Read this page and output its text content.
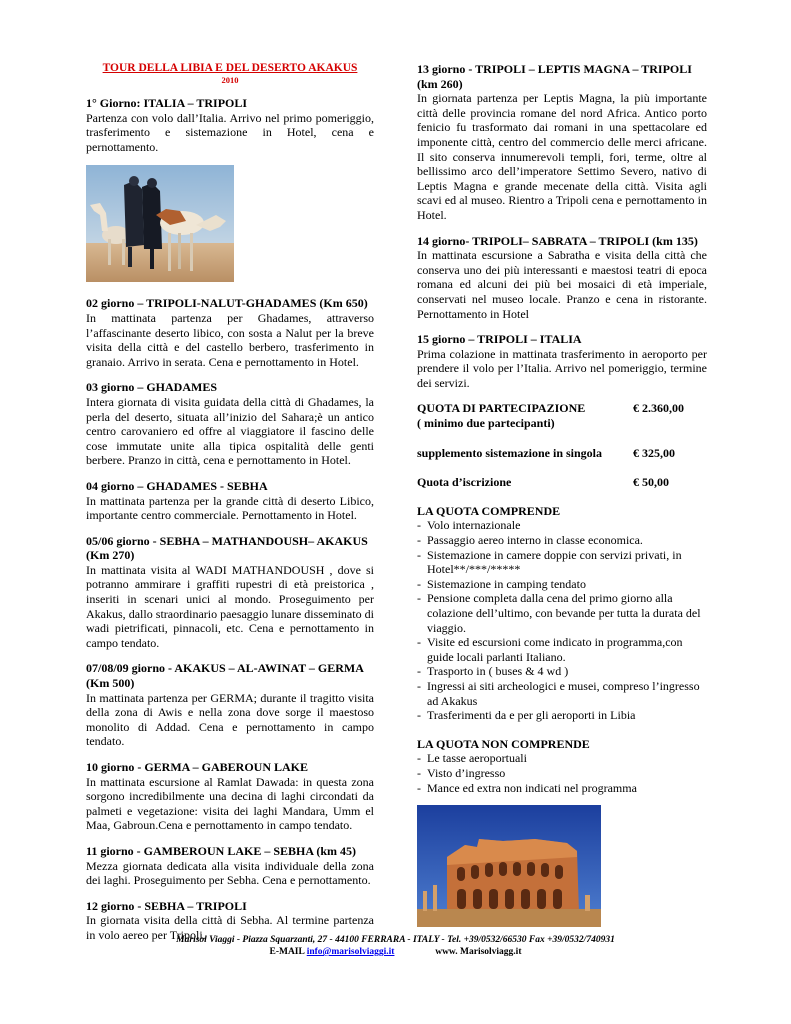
TOUR DELLA LIBIA E DEL DESERTO AKAKUS
2010
1° Giorno: ITALIA – TRIPOLI
Partenza con volo dall’Italia. Arrivo nel primo pomeriggio, trasferimento e sistemazione in Hotel, cena e pernottamento.
02 giorno – TRIPOLI-NALUT-GHADAMES (Km 650)
In mattinata partenza per Ghadames, attraverso l’affascinante deserto libico, con sosta a Nalut per la breve visita della città e del castello berbero, trasferimento in granaio. Arrivo in serata. Cena e pernottamento in Hotel.
03 giorno – GHADAMES
Intera giornata di visita guidata della città di Ghadames, la perla del deserto, situata all’inizio del Sahara;è un antico centro carovaniero ed offre al viaggiatore il fascino delle cose immutate unite alla tipica ospitalità delle genti berbere. Pranzo in città, cena e pernottamento in Hotel.
04 giorno – GHADAMES - SEBHA
In mattinata partenza per la grande città di deserto Libico, importante centro commerciale. Pernottamento in Hotel.
05/06 giorno - SEBHA – MATHANDOUSH– AKAKUS (Km 270)
In mattinata visita al WADI MATHANDOUSH , dove si potranno ammirare i graffiti rupestri di età preistorica , inseriti in scenari unici al mondo. Proseguimento per Akakus, dallo straordinario paesaggio lunare disseminato di wadi pietrificati, pinnacoli, etc. Cena e pernottamento in campo tendato.
07/08/09 giorno - AKAKUS – AL-AWINAT – GERMA (Km 500)
In mattinata partenza per GERMA; durante il tragitto visita della zona di Awis e nella zona dove sorge il maestoso monolito di Addad. Cena e pernottamento in campo tendato.
10 giorno - GERMA – GABEROUN LAKE
In mattinata escursione al Ramlat Dawada: in questa zona sorgono incredibilmente una decina di laghi circondati da palmeti e vegetazione: visita dei laghi Mandara, Umm el Maa, Gabroun.Cena e pernottamento in campo tendato.
11 giorno - GAMBEROUN LAKE – SEBHA (km 45)
Mezza giornata dedicata alla visita individuale della zona dei laghi. Proseguimento per Sebha. Cena e pernottamento.
12 giorno - SEBHA – TRIPOLI
In giornata visita della città di Sebha. Al termine partenza in volo aereo per Tripoli.
13 giorno - TRIPOLI – LEPTIS MAGNA – TRIPOLI (km 260)
In giornata partenza per Leptis Magna, la più importante città delle provincia romane del nord Africa. Antico porto fenicio fu trasformato dai romani in una spettacolare ed imponente città, centro del commercio delle merci africane. Il sito conserva innumerevoli templi, fori, terme, oltre al bellissimo arco dell’imperatore Settimo Severo, nativo di Leptis Magna e grande mecenate della città. Visita agli scavi ed al museo. Rientro a Tripoli cena e pernottamento in Hotel.
14 giorno- TRIPOLI– SABRATA – TRIPOLI (km 135)
In mattinata escursione a Sabratha e visita della città che conserva uno dei più interessanti e maestosi teatri di epoca romana ed alcuni dei più bei mosaici di età imperiale, conservati nel museo locale. Pranzo e cena in ristorante. Pernottamento in Hotel
15 giorno – TRIPOLI – ITALIA
Prima colazione in mattinata trasferimento in aeroporto per prendere il volo per l’Italia. Arrivo nel pomeriggio, termine dei servizi.
QUOTA DI PARTECIPAZIONE	€ 2.360,00
( minimo due partecipanti)	

supplemento sistemazione in singola	€ 325,00

Quota d’iscrizione	€ 50,00
LA QUOTA COMPRENDE
- Volo internazionale
- Passaggio aereo interno in classe economica.
- Sistemazione in camere doppie con servizi privati, in Hotel**/***/*****
- Sistemazione in camping tendato
- Pensione completa dalla cena del primo giorno alla colazione dell’ultimo, con bevande per tutta la durata del viaggio.
- Visite ed escursioni come indicato in programma,con guide locali parlanti Italiano.
- Trasporto in ( buses & 4 wd )
- Ingressi ai siti archeologici e musei, compreso l’ingresso ad Akakus
- Trasferimenti da e per gli aeroporti in Libia
LA QUOTA NON COMPRENDE
- Le tasse aeroportuali
- Visto d’ingresso
- Mance ed extra non indicati nel programma
Marisol Viaggi - Piazza Squarzanti, 27 - 44100 FERRARA - ITALY - Tel. +39/0532/66530 Fax +39/0532/740931
E-MAIL info@marisolviaggi.it	www. Marisolviagg.it
